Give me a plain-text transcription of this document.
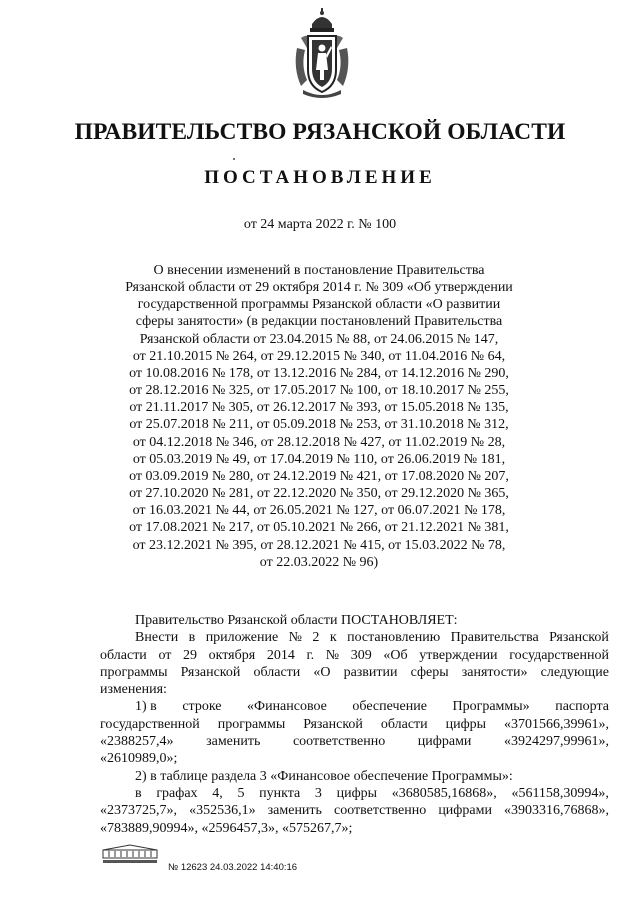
ПРАВИТЕЛЬСТВО РЯЗАНСКОЙ ОБЛАСТИ
ПОСТАНОВЛЕНИЕ
от 24 марта 2022 г. № 100
О внесении изменений в постановление Правительства
Рязанской области от 29 октября 2014 г. № 309 «Об утверждении
государственной программы Рязанской области «О развитии
сферы занятости» (в редакции постановлений Правительства
Рязанской области от 23.04.2015 № 88, от 24.06.2015 № 147,
от 21.10.2015 № 264, от 29.12.2015 № 340, от 11.04.2016 № 64,
от 10.08.2016 № 178, от 13.12.2016 № 284, от 14.12.2016 № 290,
от 28.12.2016 № 325, от 17.05.2017 № 100, от 18.10.2017 № 255,
от 21.11.2017 № 305, от 26.12.2017 № 393, от 15.05.2018 № 135,
от 25.07.2018 № 211, от 05.09.2018 № 253, от 31.10.2018 № 312,
от 04.12.2018 № 346, от 28.12.2018 № 427, от 11.02.2019 № 28,
от 05.03.2019 № 49, от 17.04.2019 № 110, от 26.06.2019 № 181,
от 03.09.2019 № 280, от 24.12.2019 № 421, от 17.08.2020 № 207,
от 27.10.2020 № 281, от 22.12.2020 № 350, от 29.12.2020 № 365,
от 16.03.2021 № 44, от 26.05.2021 № 127, от 06.07.2021 № 178,
от 17.08.2021 № 217, от 05.10.2021 № 266, от 21.12.2021 № 381,
от 23.12.2021 № 395, от 28.12.2021 № 415, от 15.03.2022 № 78,
от 22.03.2022 № 96)
Правительство Рязанской области ПОСТАНОВЛЯЕТ:
Внести в приложение № 2 к постановлению Правительства Рязанской
области от 29 октября 2014 г. № 309 «Об утверждении государственной
программы Рязанской области «О развитии сферы занятости» следующие
изменения:
1) в строке «Финансовое обеспечение Программы» паспорта
государственной программы Рязанской области цифры «3701566,39961»,
«2388257,4» заменить соответственно цифрами «3924297,99961»,
«2610989,0»;
2) в таблице раздела 3 «Финансовое обеспечение Программы»:
в графах 4, 5 пункта 3 цифры «3680585,16868», «561158,30994»,
«2373725,7», «352536,1» заменить соответственно цифрами «3903316,76868»,
«783889,90994», «2596457,3», «575267,7»;
№ 12623 24.03.2022 14:40:16
